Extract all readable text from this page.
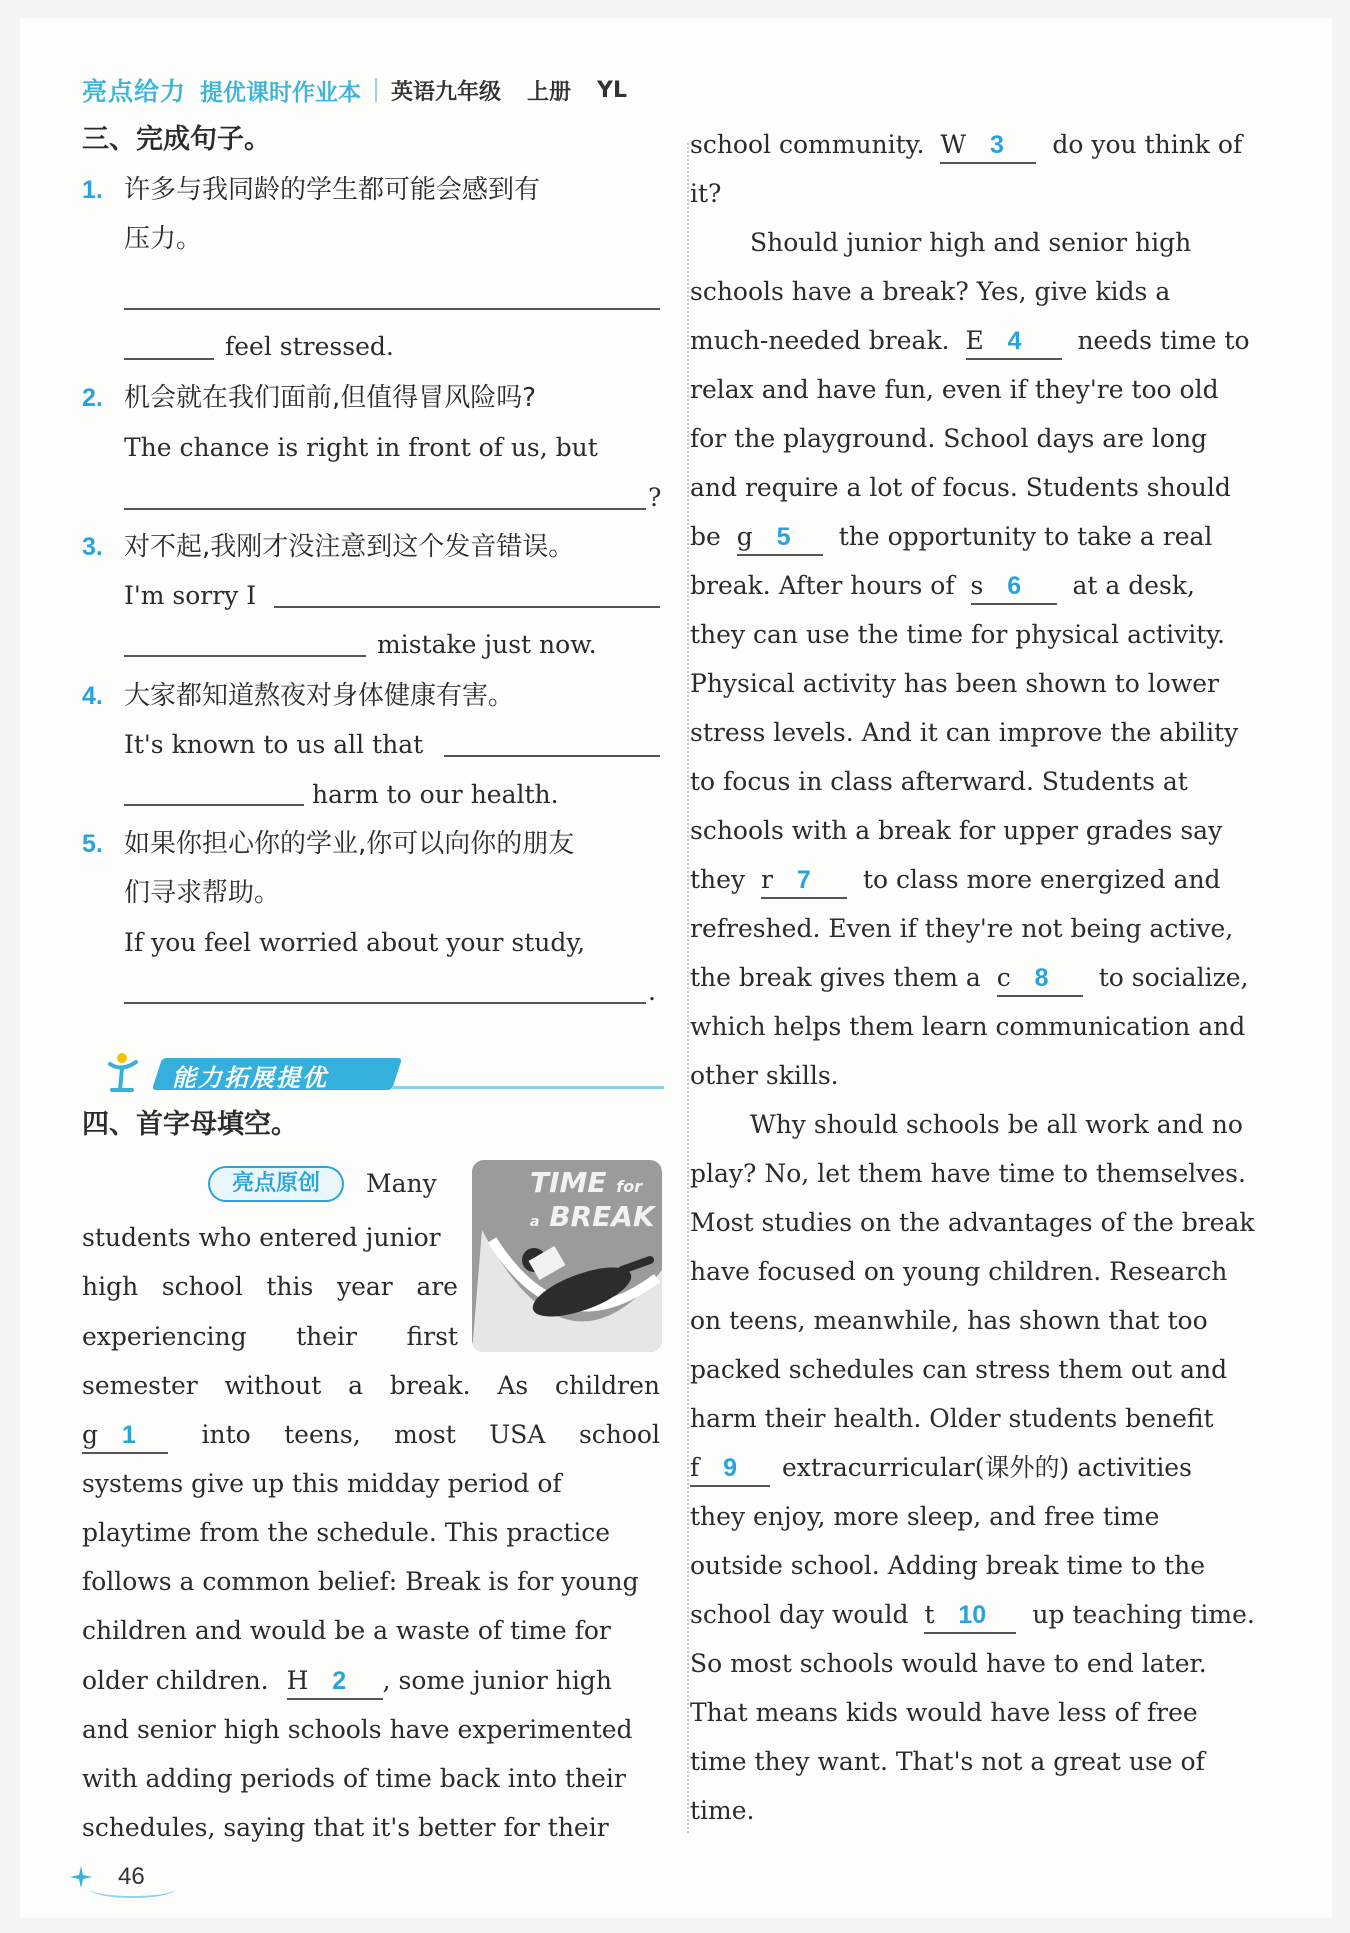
亮点给力 提优课时作业本 英语九年级 上册 YL
三、完成句子。
1. 许多与我同龄的学生都可能会感到有
压力。
feel stressed.
2. 机会就在我们面前,但值得冒风险吗?
The chance is right in front of us, but
?
3. 对不起,我刚才没注意到这个发音错误。
I'm sorry I
mistake just now.
4. 大家都知道熬夜对身体健康有害。
It's known to us all that
harm to our health.
5. 如果你担心你的学业,你可以向你的朋友
们寻求帮助。
If you feel worried about your study,
.
能力拓展提优
四、首字母填空。
亮点原创	TIME for
a BREAK
Many
students who entered junior
high school this year are
experiencing their first
semester without a break. As children
g 1	into teens, most USA school
systems give up this midday period of
playtime from the schedule. This practice
follows a common belief: Break is for young
children and would be a waste of time for
older children. H 2 , some junior high
and senior high schools have experimented
with adding periods of time back into their
schedules, saying that it's better for their
school community. W 3 do you think of
it?
Should junior high and senior high
schools have a break? Yes, give kids a
much-needed break. E 4 needs time to
relax and have fun, even if they're too old
for the playground. School days are long
and require a lot of focus. Students should
be g 5 the opportunity to take a real
break. After hours of s 6 at a desk,
they can use the time for physical activity.
Physical activity has been shown to lower
stress levels. And it can improve the ability
to focus in class afterward. Students at
schools with a break for upper grades say
they r 7 to class more energized and
refreshed. Even if they're not being active,
the break gives them a c 8 to socialize,
which helps them learn communication and
other skills.
Why should schools be all work and no
play? No, let them have time to themselves.
Most studies on the advantages of the break
have focused on young children. Research
on teens, meanwhile, has shown that too
packed schedules can stress them out and
harm their health. Older students benefit
f 9 extracurricular(课外的) activities
they enjoy, more sleep, and free time
outside school. Adding break time to the
school day would t 10 up teaching time.
So most schools would have to end later.
That means kids would have less of free
time they want. That's not a great use of
time.
46
